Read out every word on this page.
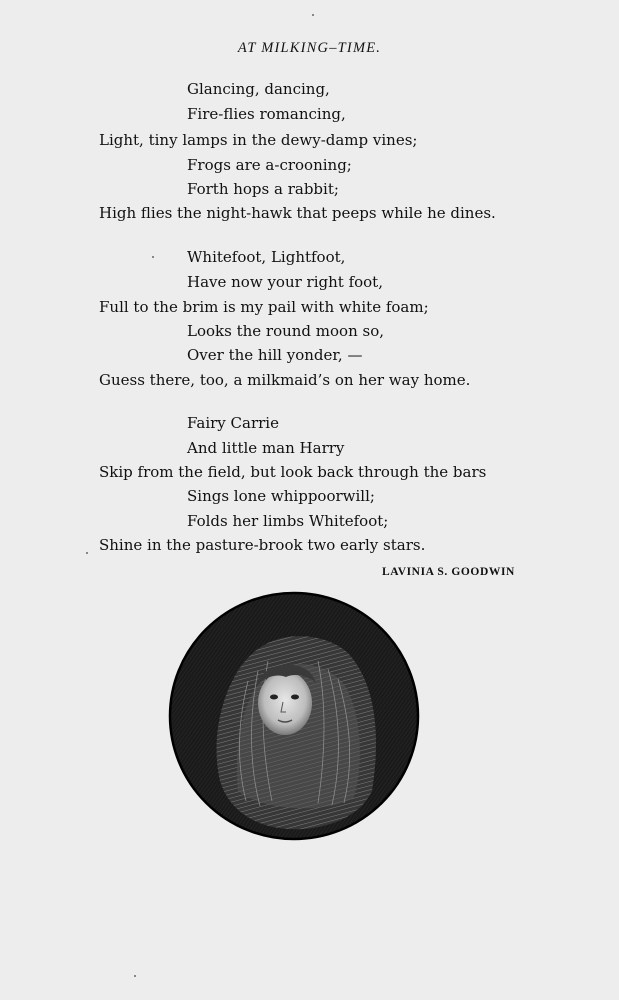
AT MILKING–TIME.
Glancing, dancing,
Fire-flies romancing,
Light, tiny lamps in the dewy-damp vines;
Frogs are a-crooning;
Forth hops a rabbit;
High flies the night-hawk that peeps while he dines.
Whitefoot, Lightfoot,
Have now your right foot,
Full to the brim is my pail with white foam;
Looks the round moon so,
Over the hill yonder, —
Guess there, too, a milkmaid’s on her way home.
Fairy Carrie
And little man Harry
Skip from the field, but look back through the bars
Sings lone whippoorwill;
Folds her limbs Whitefoot;
Shine in the pasture-brook two early stars.
LAVINIA S. GOODWIN
